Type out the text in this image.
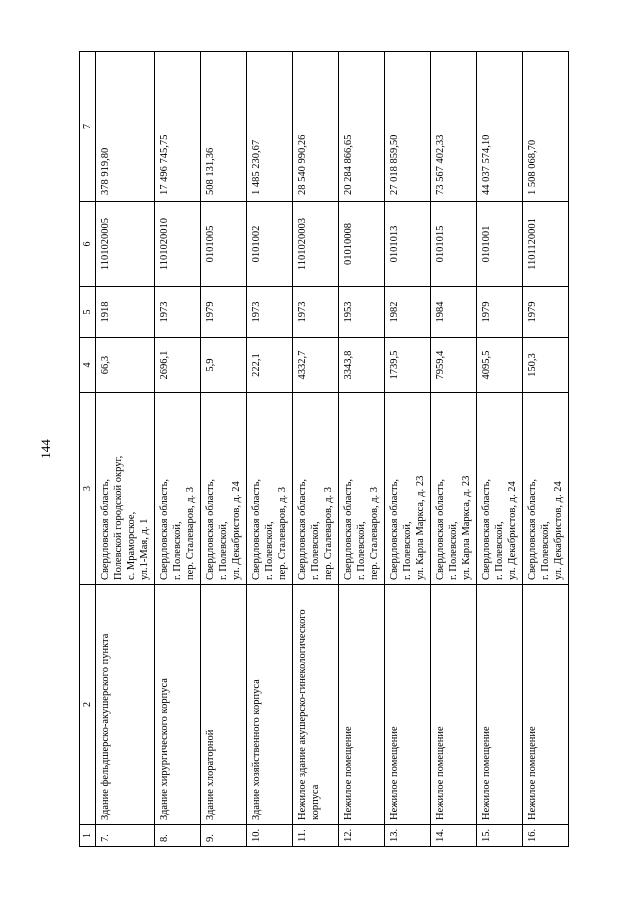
144
1	2	3	4	5	6	7
7.	Здание фельдшерско-акушерского пункта	Свердловская область, Полевской городской округ, с. Мраморское, ул.1-Мая, д. 1	66,3	1918	1101020005	378 919,80
8.	Здание хирургического корпуса	Свердловская область, г. Полевской, пер. Сталеваров, д. 3	2696,1	1973	1101020010	17 496 745,75
9.	Здание хлораторной	Свердловская область, г. Полевской, ул. Декабристов, д. 24	5,9	1979	0101005	508 131,36
10.	Здание хозяйственного корпуса	Свердловская область, г. Полевской, пер. Сталеваров, д. 3	222,1	1973	0101002	1 485 230,67
11.	Нежилое здание акушерско-гинекологического корпуса	Свердловская область, г. Полевской, пер. Сталеваров, д. 3	4332,7	1973	1101020003	28 540 990,26
12.	Нежилое помещение	Свердловская область, г. Полевской, пер. Сталеваров, д. 3	3343,8	1953	01010008	20 284 866,65
13.	Нежилое помещение	Свердловская область, г. Полевской, ул. Карла Маркса, д. 23	1739,5	1982	0101013	27 018 859,50
14.	Нежилое помещение	Свердловская область, г. Полевской, ул. Карла Маркса, д. 23	7959,4	1984	0101015	73 567 402,33
15.	Нежилое помещение	Свердловская область, г. Полевской, ул. Декабристов, д. 24	4095,5	1979	0101001	44 037 574,10
16.	Нежилое помещение	Свердловская область, г. Полевской, ул. Декабристов, д. 24	150,3	1979	1101120001	1 508 068,70
